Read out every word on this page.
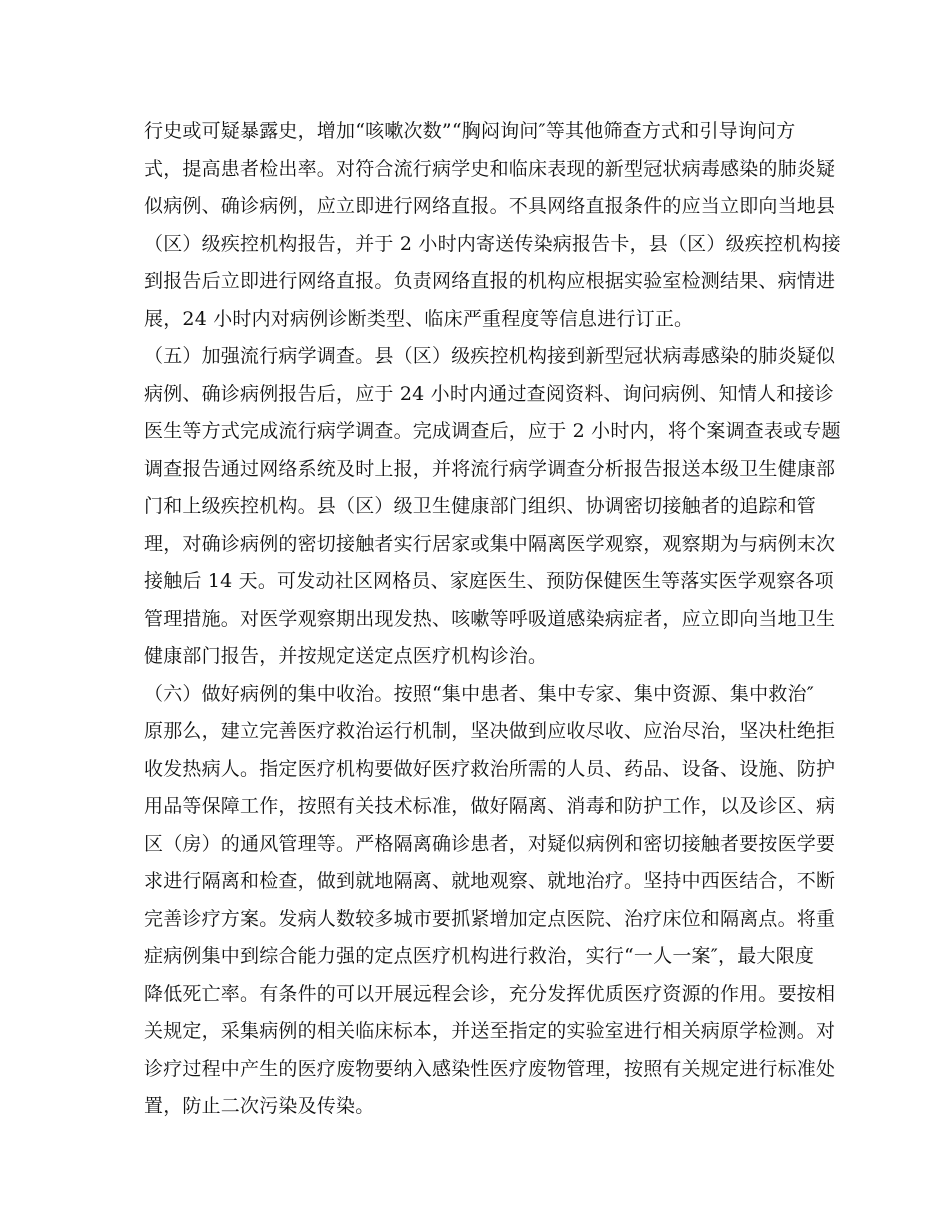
行史或可疑暴露史，增加“咳嗽次数”“胸闷询问″等其他筛查方式和引导询问方
式，提高患者检出率。对符合流行病学史和临床表现的新型冠状病毒感染的肺炎疑
似病例、确诊病例，应立即进行网络直报。不具网络直报条件的应当立即向当地县
（区）级疾控机构报告，并于 2 小时内寄送传染病报告卡，县（区）级疾控机构接
到报告后立即进行网络直报。负责网络直报的机构应根据实验室检测结果、病情进
展，24 小时内对病例诊断类型、临床严重程度等信息进行订正。
（五）加强流行病学调查。县（区）级疾控机构接到新型冠状病毒感染的肺炎疑似
病例、确诊病例报告后，应于 24 小时内通过查阅资料、询问病例、知情人和接诊
医生等方式完成流行病学调查。完成调查后，应于 2 小时内，将个案调查表或专题
调查报告通过网络系统及时上报，并将流行病学调查分析报告报送本级卫生健康部
门和上级疾控机构。县（区）级卫生健康部门组织、协调密切接触者的追踪和管
理，对确诊病例的密切接触者实行居家或集中隔离医学观察，观察期为与病例末次
接触后 14 天。可发动社区网格员、家庭医生、预防保健医生等落实医学观察各项
管理措施。对医学观察期出现发热、咳嗽等呼吸道感染病症者，应立即向当地卫生
健康部门报告，并按规定送定点医疗机构诊治。
（六）做好病例的集中收治。按照“集中患者、集中专家、集中资源、集中救治″
原那么，建立完善医疗救治运行机制，坚决做到应收尽收、应治尽治，坚决杜绝拒
收发热病人。指定医疗机构要做好医疗救治所需的人员、药品、设备、设施、防护
用品等保障工作，按照有关技术标准，做好隔离、消毒和防护工作，以及诊区、病
区（房）的通风管理等。严格隔离确诊患者，对疑似病例和密切接触者要按医学要
求进行隔离和检查，做到就地隔离、就地观察、就地治疗。坚持中西医结合，不断
完善诊疗方案。发病人数较多城市要抓紧增加定点医院、治疗床位和隔离点。将重
症病例集中到综合能力强的定点医疗机构进行救治，实行“一人一案″，最大限度
降低死亡率。有条件的可以开展远程会诊，充分发挥优质医疗资源的作用。要按相
关规定，采集病例的相关临床标本，并送至指定的实验室进行相关病原学检测。对
诊疗过程中产生的医疗废物要纳入感染性医疗废物管理，按照有关规定进行标准处
置，防止二次污染及传染。
